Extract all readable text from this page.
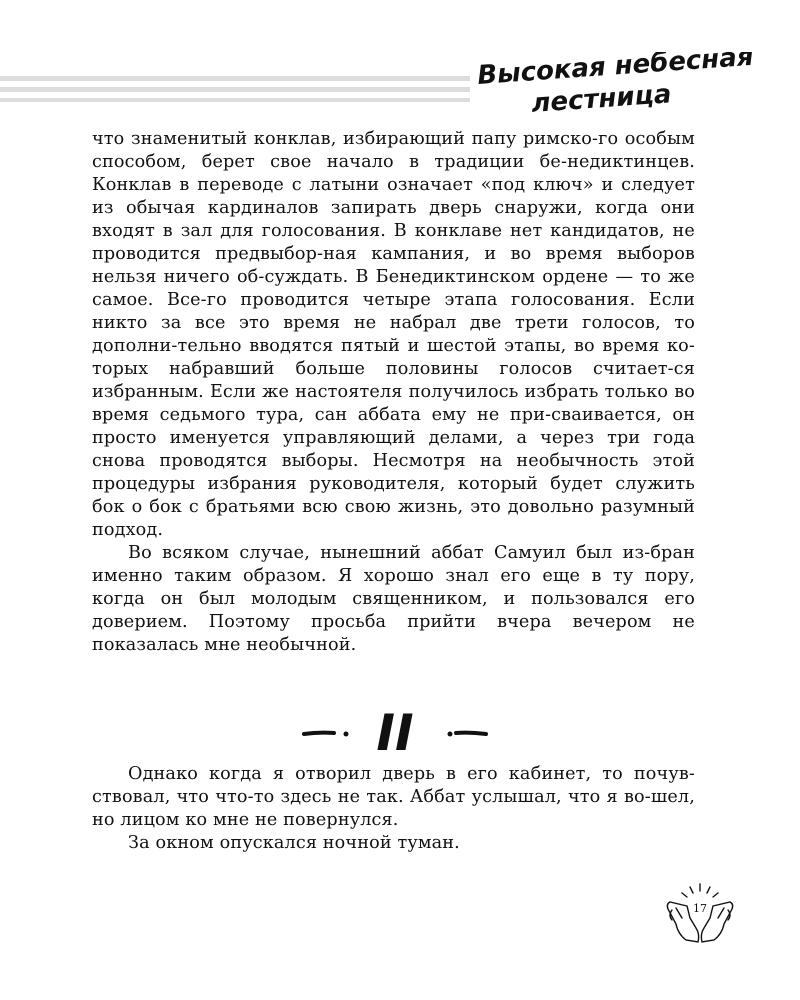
Высокая небесная
лестница

что знаменитый конклав, избирающий папу римско-го особым способом, берет свое начало в традиции бе-недиктинцев. Конклав в переводе с латыни означает «под ключ» и следует из обычая кардиналов запирать дверь снаружи, когда они входят в зал для голосования. В конклаве нет кандидатов, не проводится предвыбор-ная кампания, и во время выборов нельзя ничего об-суждать. В Бенедиктинском ордене — то же самое. Все-го проводится четыре этапа голосования. Если никто за все это время не набрал две трети голосов, то дополни-тельно вводятся пятый и шестой этапы, во время ко-торых набравший больше половины голосов считает-ся избранным. Если же настоятеля получилось избрать только во время седьмого тура, сан аббата ему не при-сваивается, он просто именуется управляющий делами, а через три года снова проводятся выборы. Несмотря на необычность этой процедуры избрания руководителя, который будет служить бок о бок с братьями всю свою жизнь, это довольно разумный подход.

Во всяком случае, нынешний аббат Самуил был из-бран именно таким образом. Я хорошо знал его еще в ту пору, когда он был молодым священником, и пользовался его доверием. Поэтому просьба прийти вчера вечером не показалась мне необычной.

II

Однако когда я отворил дверь в его кабинет, то почув-ствовал, что что-то здесь не так. Аббат услышал, что я во-шел, но лицом ко мне не повернулся.

За окном опускался ночной туман.

17
